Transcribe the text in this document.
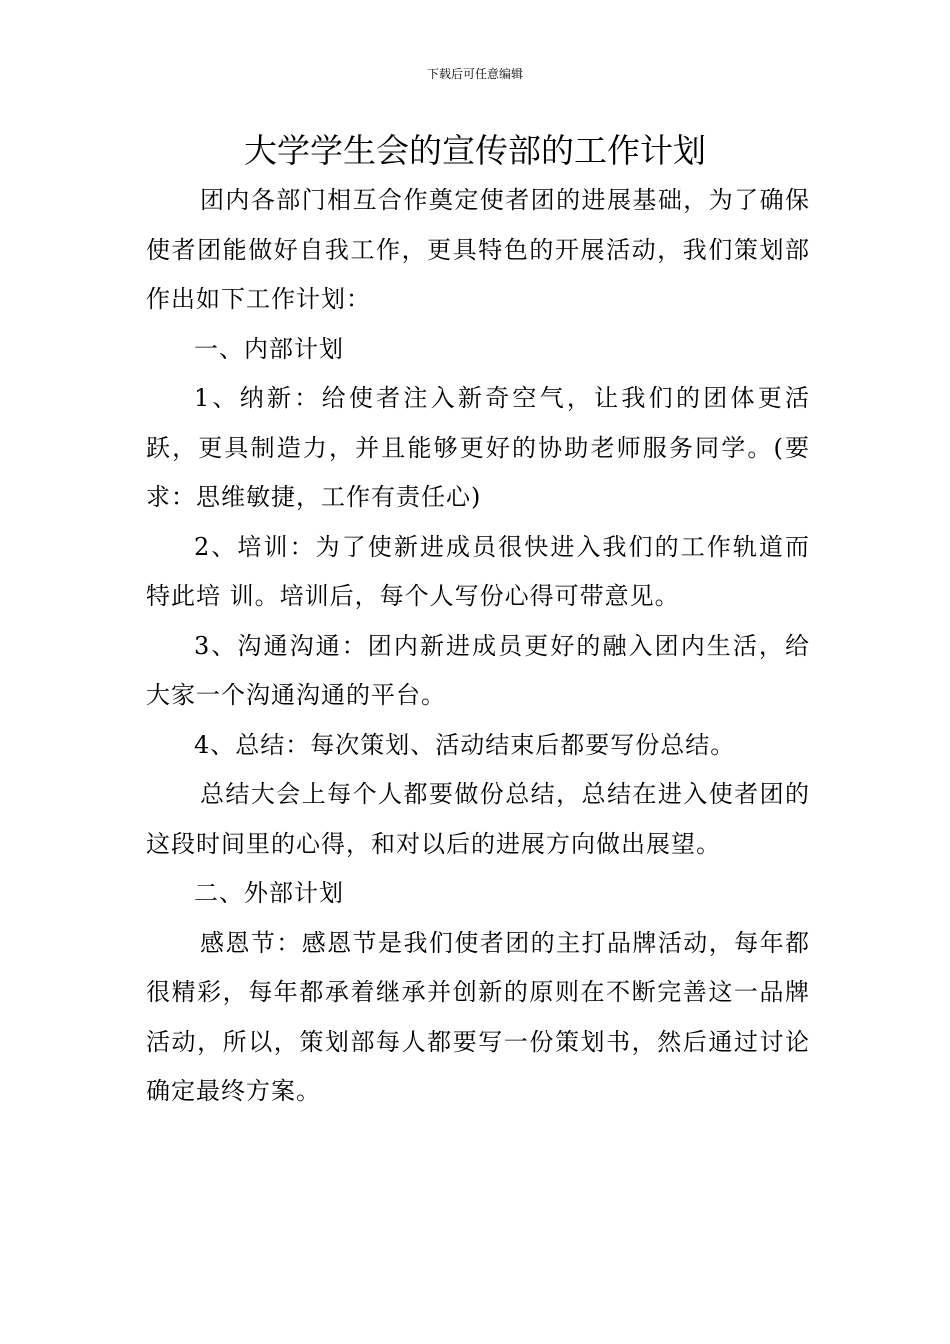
下载后可任意编辑
大学学生会的宣传部的工作计划

团内各部门相互合作奠定使者团的进展基础，为了确保使者团能做好自我工作，更具特色的开展活动，我们策划部作出如下工作计划：

一、内部计划

1、纳新：给使者注入新奇空气，让我们的团体更活跃，更具制造力，并且能够更好的协助老师服务同学。(要求：思维敏捷，工作有责任心)

2、培训：为了使新进成员很快进入我们的工作轨道而特此培 训。培训后，每个人写份心得可带意见。

3、沟通沟通：团内新进成员更好的融入团内生活，给大家一个沟通沟通的平台。

4、总结：每次策划、活动结束后都要写份总结。

总结大会上每个人都要做份总结，总结在进入使者团的这段时间里的心得，和对以后的进展方向做出展望。

二、外部计划

感恩节：感恩节是我们使者团的主打品牌活动，每年都很精彩，每年都承着继承并创新的原则在不断完善这一品牌活动，所以，策划部每人都要写一份策划书，然后通过讨论确定最终方案。
